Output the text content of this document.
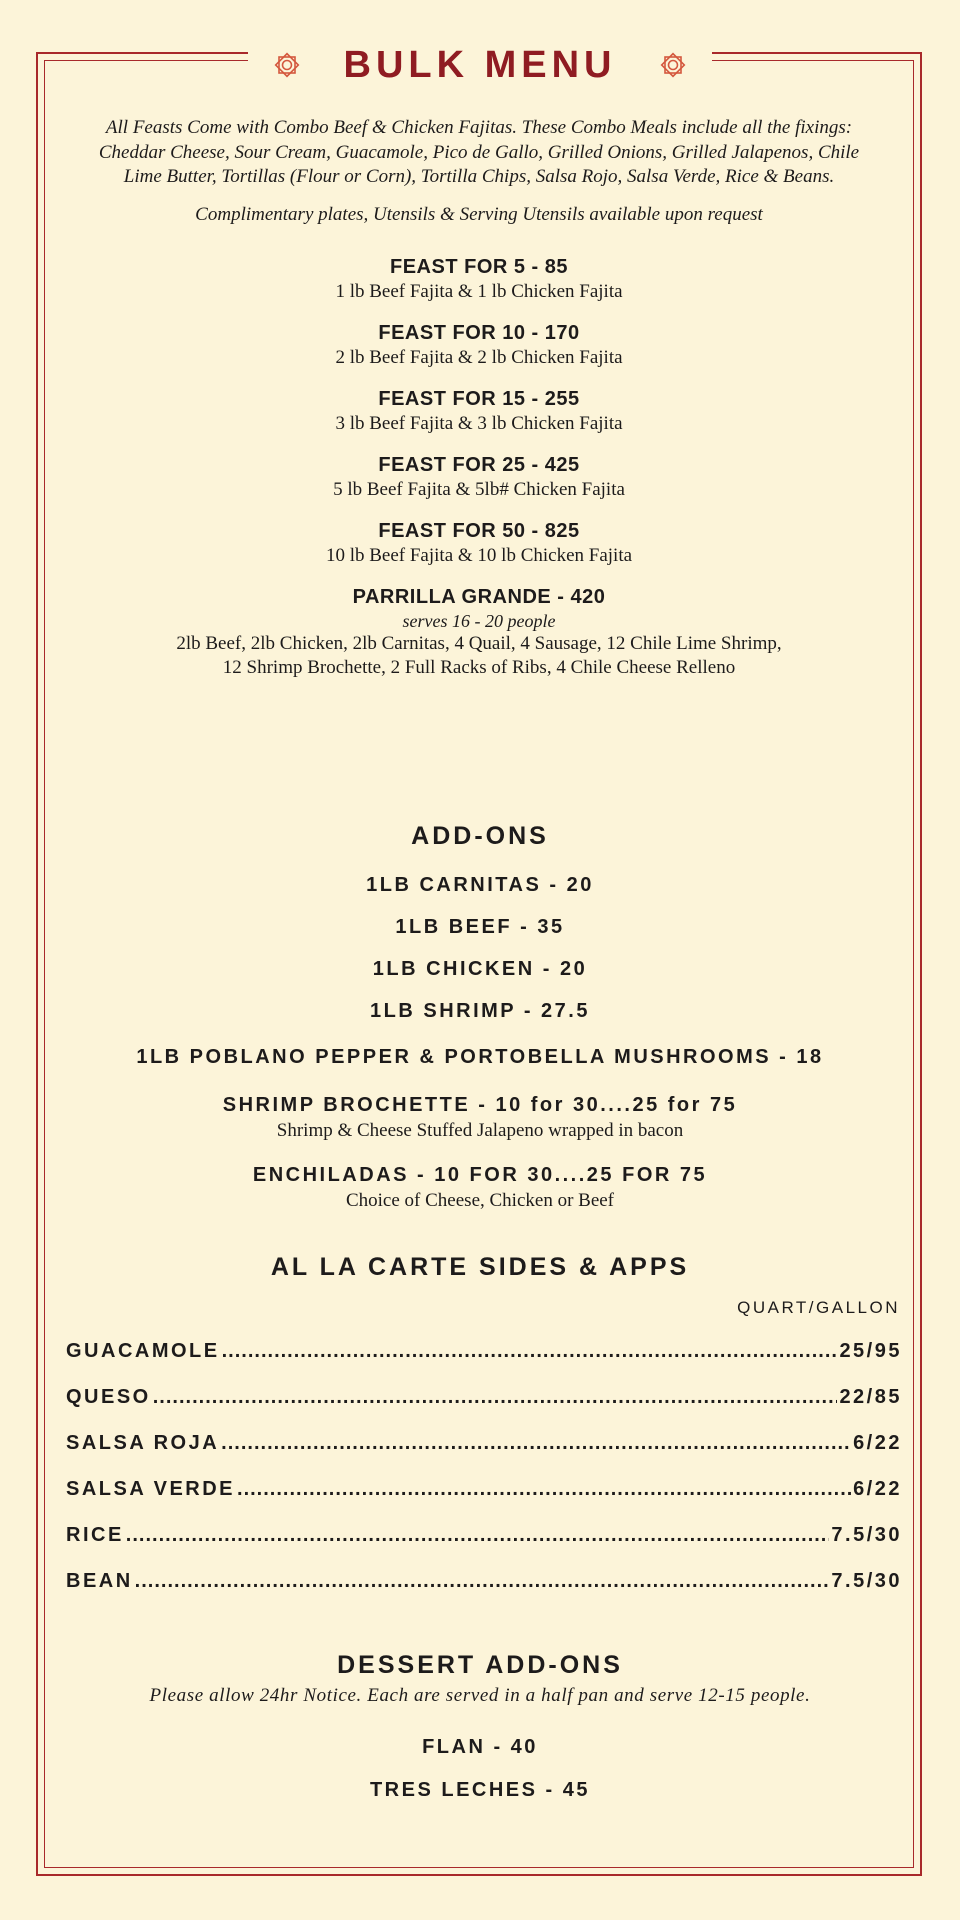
BULK MENU
All Feasts Come with Combo Beef & Chicken Fajitas. These Combo Meals include all the fixings: Cheddar Cheese, Sour Cream, Guacamole, Pico de Gallo, Grilled Onions, Grilled Jalapenos, Chile Lime Butter, Tortillas (Flour or Corn), Tortilla Chips, Salsa Rojo, Salsa Verde, Rice & Beans.
Complimentary plates, Utensils & Serving Utensils available upon request
FEAST FOR 5 - 85
1 lb Beef Fajita & 1 lb Chicken Fajita
FEAST FOR 10 - 170
2 lb Beef Fajita & 2 lb Chicken Fajita
FEAST FOR 15 - 255
3 lb Beef Fajita & 3 lb Chicken Fajita
FEAST FOR 25 - 425
5 lb Beef Fajita & 5lb# Chicken Fajita
FEAST FOR 50 - 825
10 lb Beef Fajita & 10 lb Chicken Fajita
PARRILLA GRANDE - 420
serves 16 - 20 people
2lb Beef, 2lb Chicken, 2lb Carnitas, 4 Quail, 4 Sausage, 12 Chile Lime Shrimp,
12 Shrimp Brochette, 2 Full Racks of Ribs, 4 Chile Cheese Relleno
ADD-ONS
1LB CARNITAS - 20
1LB BEEF - 35
1LB CHICKEN - 20
1LB SHRIMP - 27.5
1LB POBLANO PEPPER & PORTOBELLA MUSHROOMS - 18
SHRIMP BROCHETTE - 10 for 30....25 for 75
Shrimp & Cheese Stuffed Jalapeno wrapped in bacon
ENCHILADAS - 10 FOR 30....25 FOR 75
Choice of Cheese, Chicken or Beef
AL LA CARTE SIDES & APPS
QUART/GALLON
GUACAMOLE .....	25/95
QUESO .....	22/85
SALSA ROJA .....	6/22
SALSA VERDE .....	6/22
RICE .....	7.5/30
BEAN .....	7.5/30
DESSERT ADD-ONS
Please allow 24hr Notice. Each are served in a half pan and serve 12-15 people.
FLAN - 40
TRES LECHES - 45
